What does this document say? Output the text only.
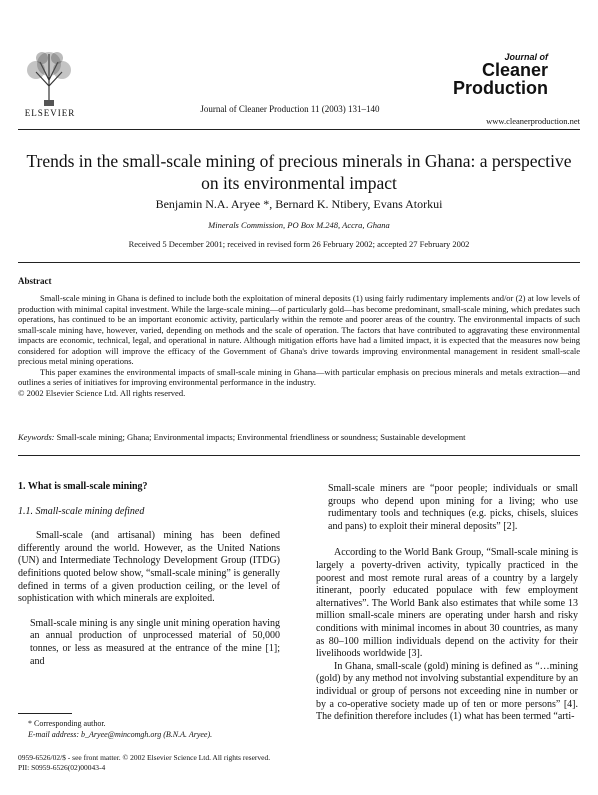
ELSEVIER	Journal of Cleaner Production 11 (2003) 131–140
Journal of
Cleaner
Production
www.cleanerproduction.net
Trends in the small-scale mining of precious minerals in Ghana: a perspective on its environmental impact
Benjamin N.A. Aryee *, Bernard K. Ntibery, Evans Atorkui
Minerals Commission, PO Box M.248, Accra, Ghana
Received 5 December 2001; received in revised form 26 February 2002; accepted 27 February 2002
Abstract

Small-scale mining in Ghana is defined to include both the exploitation of mineral deposits (1) using fairly rudimentary implements and/or (2) at low levels of production with minimal capital investment. While the large-scale mining—of particularly gold—has become predominant, small-scale mining, which predates such operations, has continued to be an important economic activity, particularly within the remote and poorer areas of the country. The environmental impacts of such small-scale mining have, however, varied, depending on methods and the scale of operation. The factors that have contributed to aggravating these environmental impacts are economic, technical, legal, and operational in nature. Although mitigation efforts have had a limited impact, it is expected that the measures now being considered for adoption will improve the efficacy of the Government of Ghana's drive towards improving environmental management in resident small-scale precious metal mining operations.

This paper examines the environmental impacts of small-scale mining in Ghana—with particular emphasis on precious minerals and metals extraction—and outlines a series of initiatives for improving environmental performance in the industry.

© 2002 Elsevier Science Ltd. All rights reserved.

Keywords: Small-scale mining; Ghana; Environmental impacts; Environmental friendliness or soundness; Sustainable development

1. What is small-scale mining?

1.1. Small-scale mining defined

Small-scale (and artisanal) mining has been defined differently around the world. However, as the United Nations (UN) and Intermediate Technology Development Group (ITDG) definitions quoted below show, “small-scale mining” is generally defined in terms of a given production ceiling, or the level of sophistication with which minerals are exploited.

Small-scale mining is any single unit mining operation having an annual production of unprocessed material of 50,000 tonnes, or less as measured at the entrance of the mine [1]; and

Small-scale miners are “poor people; individuals or small groups who depend upon mining for a living; who use rudimentary tools and techniques (e.g. picks, chisels, sluices and pans) to exploit their mineral deposits” [2].

According to the World Bank Group, “Small-scale mining is largely a poverty-driven activity, typically practiced in the poorest and most remote rural areas of a country by a largely itinerant, poorly educated populace with few employment alternatives”. The World Bank also estimates that while some 13 million small-scale miners are operating under harsh and risky conditions with minimal incomes in about 30 countries, as many as 80–100 million individuals depend on the activity for their livelihoods worldwide [3].

In Ghana, small-scale (gold) mining is defined as “…mining (gold) by any method not involving substantial expenditure by an individual or group of persons not exceeding nine in number or by a co-operative society made up of ten or more persons” [4]. The definition therefore includes (1) what has been termed “arti-

* Corresponding author.
E-mail address: b_Aryee@mincomgh.org (B.N.A. Aryee).
0959-6526/02/$ - see front matter. © 2002 Elsevier Science Ltd. All rights reserved.
PII: S0959-6526(02)00043-4
